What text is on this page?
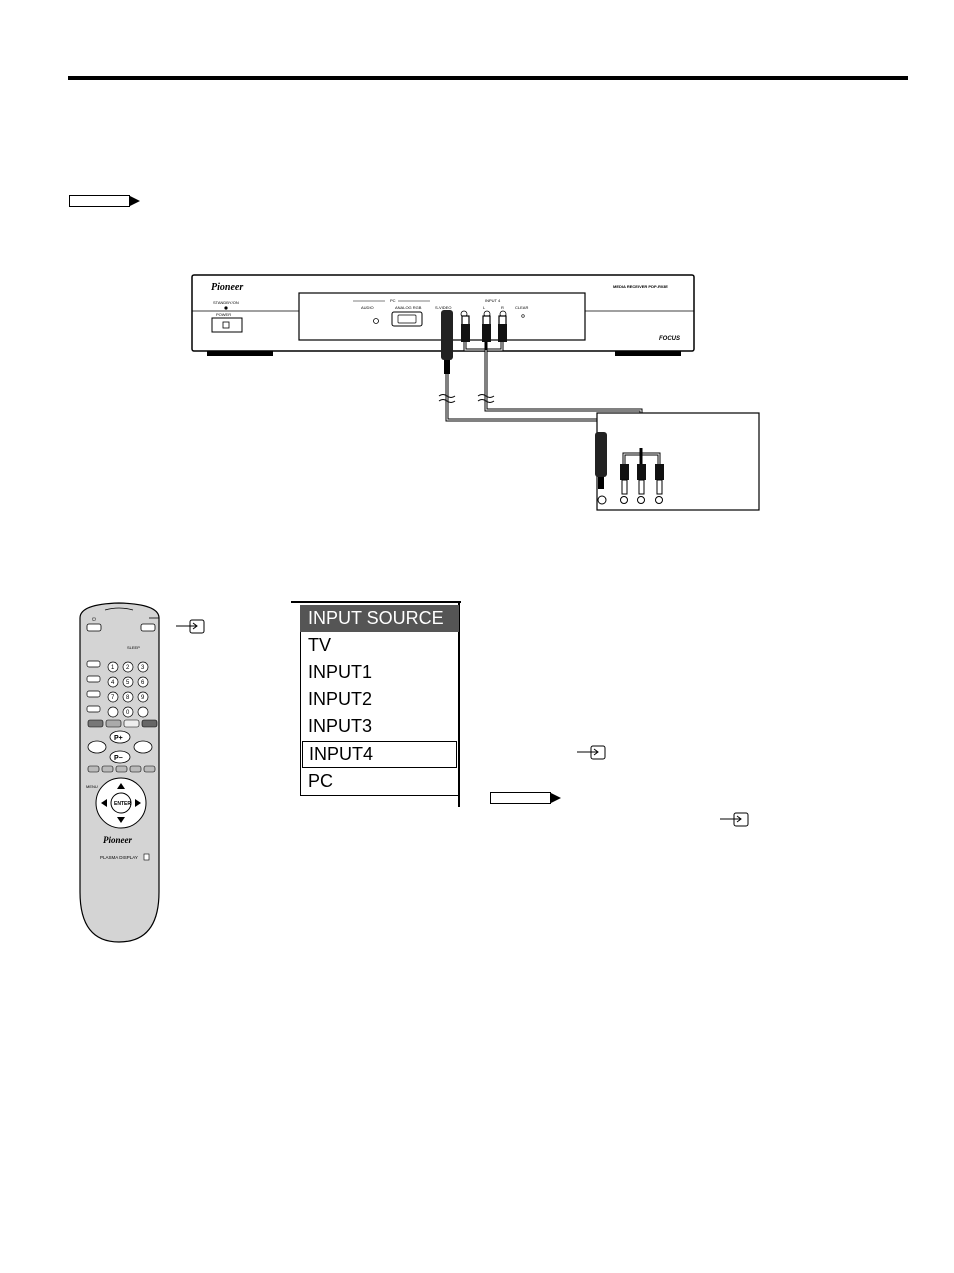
Pioneer
STANDBY/ON
POWER
MEDIA RECEIVER PDP-R03E
FOCUS
PC
AUDIO	ANALOG RGB	S-VIDEO
INPUT 4
L	R	CLEAR
⏻
SLEEP
1 2 3
4 5 6
7 8 9
0
P+
P−
MENU
ENTER
Pioneer
PLASMA DISPLAY
INPUT SOURCE
TV
INPUT1
INPUT2
INPUT3
INPUT4
PC
